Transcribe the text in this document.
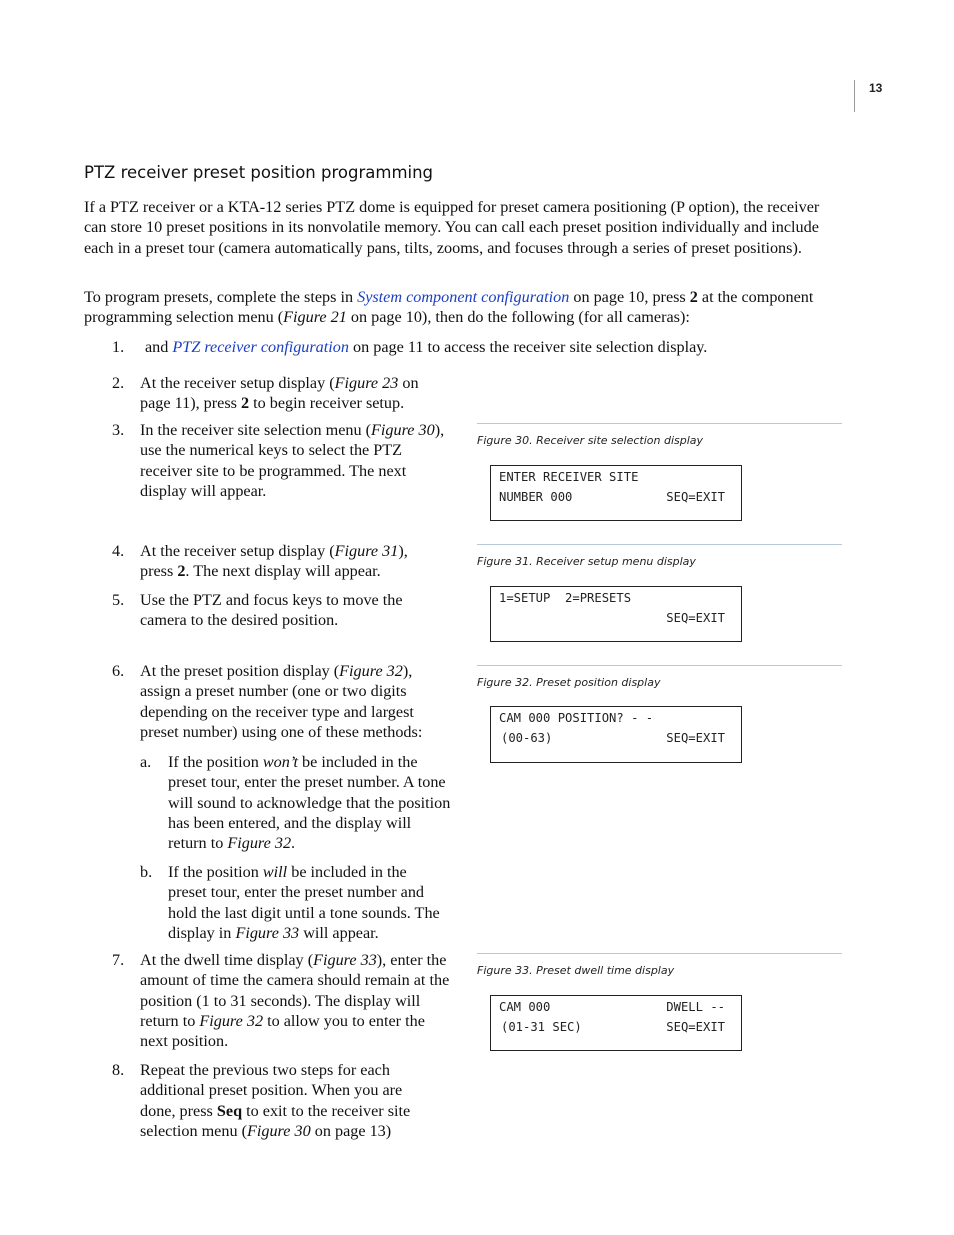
13
PTZ receiver preset position programming
If a PTZ receiver or a KTA-12 series PTZ dome is equipped for preset camera positioning (P option), the receiver can store 10 preset positions in its nonvolatile memory. You can call each preset position individually and include each in a preset tour (camera automatically pans, tilts, zooms, and focuses through a series of preset positions).
To program presets, complete the steps in System component configuration on page 10, press 2 at the component programming selection menu (Figure 21 on page 10), then do the following (for all cameras):
1. and PTZ receiver configuration on page 11 to access the receiver site selection display.
2. At the receiver setup display (Figure 23 on page 11), press 2 to begin receiver setup.
3. In the receiver site selection menu (Figure 30), use the numerical keys to select the PTZ receiver site to be programmed. The next display will appear.
4. At the receiver setup display (Figure 31), press 2. The next display will appear.
5. Use the PTZ and focus keys to move the camera to the desired position.
6. At the preset position display (Figure 32), assign a preset number (one or two digits depending on the receiver type and largest preset number) using one of these methods:
a. If the position won’t be included in the preset tour, enter the preset number. A tone will sound to acknowledge that the position has been entered, and the display will return to Figure 32.
b. If the position will be included in the preset tour, enter the preset number and hold the last digit until a tone sounds. The display in Figure 33 will appear.
7. At the dwell time display (Figure 33), enter the amount of time the camera should remain at the position (1 to 31 seconds). The display will return to Figure 32 to allow you to enter the next position.
8. Repeat the previous two steps for each additional preset position. When you are done, press Seq to exit to the receiver site selection menu (Figure 30 on page 13)
Figure 30. Receiver site selection display
ENTER RECEIVER SITE
NUMBER 000	SEQ=EXIT
Figure 31. Receiver setup menu display
1=SETUP  2=PRESETS
SEQ=EXIT
Figure 32. Preset position display
CAM 000 POSITION? - -
(00-63)	SEQ=EXIT
Figure 33. Preset dwell time display
CAM 000	DWELL --
(01-31 SEC)	SEQ=EXIT
